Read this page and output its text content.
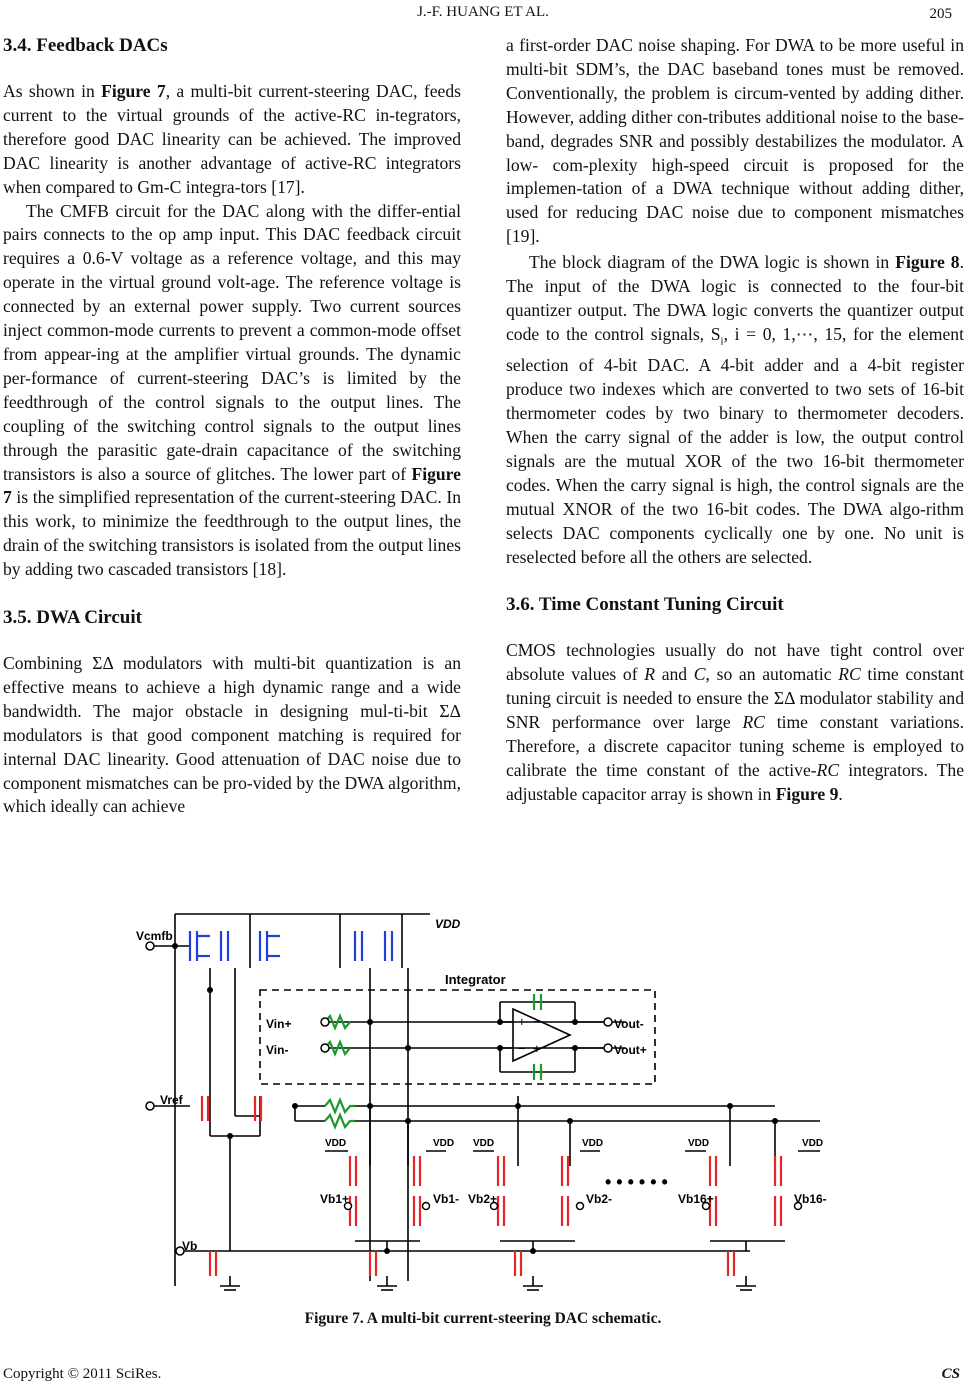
J.-F. HUANG ET AL.	205
3.4. Feedback DACs

As shown in Figure 7, a multi-bit current-steering DAC, feeds current to the virtual grounds of the active-RC in-tegrators, therefore good DAC linearity can be achieved. The improved DAC linearity is another advantage of active-RC integrators when compared to Gm-C integra-tors [17].

The CMFB circuit for the DAC along with the differ-ential pairs connects to the op amp input. This DAC feedback circuit requires a 0.6-V voltage as a reference voltage, and this may operate in the virtual ground volt-age. The reference voltage is connected by an external power supply. Two current sources inject common-mode currents to prevent a common-mode offset from appear-ing at the amplifier virtual grounds. The dynamic per-formance of current-steering DAC’s is limited by the feedthrough of the control signals to the output lines. The coupling of the switching control signals to the output lines through the parasitic gate-drain capacitance of the switching transistors is also a source of glitches. The lower part of Figure 7 is the simplified representation of the current-steering DAC. In this work, to minimize the feedthrough to the output lines, the drain of the switching transistors is isolated from the output lines by adding two cascaded transistors [18].

3.5. DWA Circuit

Combining ΣΔ modulators with multi-bit quantization is an effective means to achieve a high dynamic range and a wide bandwidth. The major obstacle in designing mul-ti-bit ΣΔ modulators is that good component matching is required for internal DAC linearity. Good attenuation of DAC noise due to component mismatches can be pro-vided by the DWA algorithm, which ideally can achieve

a first-order DAC noise shaping. For DWA to be more useful in multi-bit SDM’s, the DAC baseband tones must be removed. Conventionally, the problem is circum-vented by adding dither. However, adding dither con-tributes additional noise to the base-band, degrades SNR and possibly destabilizes the modulator. A low- com-plexity high-speed circuit is proposed for the implemen-tation of a DWA technique without adding dither, used for reducing DAC noise due to component mismatches [19].

The block diagram of the DWA logic is shown in Figure 8. The input of the DWA logic is connected to the four-bit quantizer output. The DWA logic converts the quantizer output code to the control signals, $S_i$, i = 0, 1,⋯, 15, for the element selection of 4-bit DAC. A 4-bit adder and a 4-bit register produce two indexes which are converted to two sets of 16-bit thermometer codes by two binary to thermometer decoders. When the carry signal of the adder is low, the output control signals are the mutual XOR of the two 16-bit thermometer codes. When the carry signal is high, the control signals are the mutual XNOR of the two 16-bit codes. The DWA algo-rithm selects DAC components cyclically one by one. No unit is reselected before all the others are selected.

3.6. Time Constant Tuning Circuit

CMOS technologies usually do not have tight control over absolute values of R and C, so an automatic RC time constant tuning circuit is needed to ensure the ΣΔ modulator stability and SNR performance over large RC time constant variations. Therefore, a discrete capacitor tuning scheme is employed to calibrate the time constant of the active-RC integrators. The adjustable capacitor array is shown in Figure 9.

+ −
− +
VDD
Vcmfb
Integrator
Vin+
Vin-
Vout-
Vout+
Vref
Vb
VDD	VDD VDD	VDD	VDD	VDD
Vb1+	Vb1- Vb2+	Vb2-	Vb16+	Vb16-
• • • • • •
Figure 7. A multi-bit current-steering DAC schematic.
Copyright © 2011 SciRes.	CS
